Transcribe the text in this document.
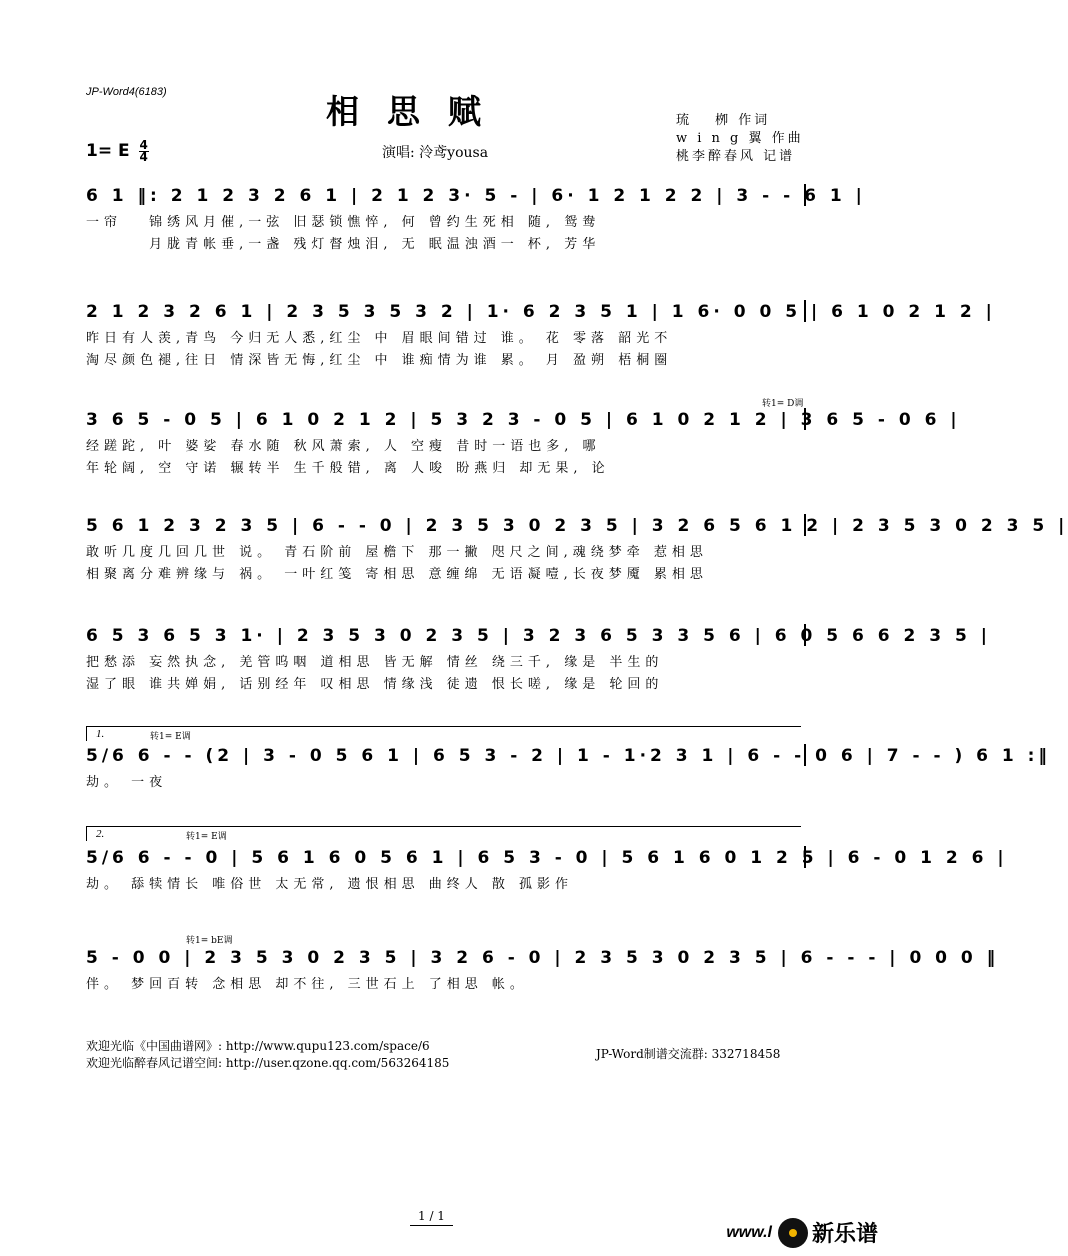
JP-Word4(6183)	相思赋	琉　 栁 作词
w i n g 翼 作曲
桃李醉春风 记谱
1= E $\frac{4}{4}$	演唱: 泠鸢yousa
6 1 ‖: 2 1 2 3 2 6 1 | 2 1 2 3· 5 - | 6· 1 2 1 2 2 | 3 - - 6 1 |
一帘　 锦绣风月催,一弦 旧瑟锁憔悴, 何 曾约生死相 随, 鸳鸯
　　　 月胧青帐垂,一盏 残灯督烛泪, 无 眠温浊酒一 杯, 芳华
2 1 2 3 2 6 1 | 2 3 5 3 5 3 2 | 1· 6 2 3 5 1 | 1 6· 0 0 5 | 6 1 0 2 1 2 |
昨日有人羡,青鸟 今归无人悉,红尘 中 眉眼间错过 谁。 花 零落 韶光不
淘尽颜色褪,往日 情深皆无悔,红尘 中 谁痴情为谁 累。 月 盈朔 梧桐圈
转1= D调
3 6 5 - 0 5 | 6 1 0 2 1 2 | 5 3 2 3 - 0 5 | 6 1 0 2 1 2 | 3 6 5 - 0 6 |
经蹉跎, 叶 婆娑 春水随 秋风萧索, 人 空瘦 昔时一语也多, 哪
年轮阔, 空 守诺 辗转半 生千般错, 离 人唆 盼燕归 却无果, 论
5 6 1 2 3 2 3 5 | 6 - - 0 | 2 3 5 3 0 2 3 5 | 3 2 6 5 6 1 2 | 2 3 5 3 0 2 3 5 |
敢听几度几回几世 说。 青石阶前 屋檐下 那一撇 咫尺之间,魂绕梦牵 惹相思
相聚离分难辨缘与 祸。 一叶红笺 寄相思 意缠绵 无语凝噎,长夜梦魇 累相思
6 5 3 6 5 3 1· | 2 3 5 3 0 2 3 5 | 3 2 3 6 5 3 3 5 6 | 6 0 5 6 6 2 3 5 |
把愁添 妄然执念, 羌管呜咽 道相思 皆无解 情丝 绕三千, 缘是 半生的
湿了眼 谁共婵娟, 话别经年 叹相思 情缘浅 徒遗 恨长嗟, 缘是 轮回的
1.	转1= E调
5/6 6 - - (2 | 3 - 0 5 6 1 | 6 5 3 - 2 | 1 - 1·2 3 1 | 6 - - 0 6 | 7 - - ) 6 1 :‖
劫。 一夜
2.	转1= E调
5/6 6 - - 0 | 5 6 1 6 0 5 6 1 | 6 5 3 - 0 | 5 6 1 6 0 1 2 5 | 6 - 0 1 2 6 |
劫。 舔犊情长 唯俗世 太无常, 遗恨相思 曲终人 散 孤影作
转1= bE调
5 - 0 0 | 2 3 5 3 0 2 3 5 | 3 2 6 - 0 | 2 3 5 3 0 2 3 5 | 6 - - - | 0 0 0 ‖
伴。 梦回百转 念相思 却不往, 三世石上 了相思 帐。
欢迎光临《中国曲谱网》: http://www.qupu123.com/space/6
欢迎光临醉春风记谱空间: http://user.qzone.qq.com/563264185
JP-Word制谱交流群: 332718458
1 / 1
www.l 新乐谱
